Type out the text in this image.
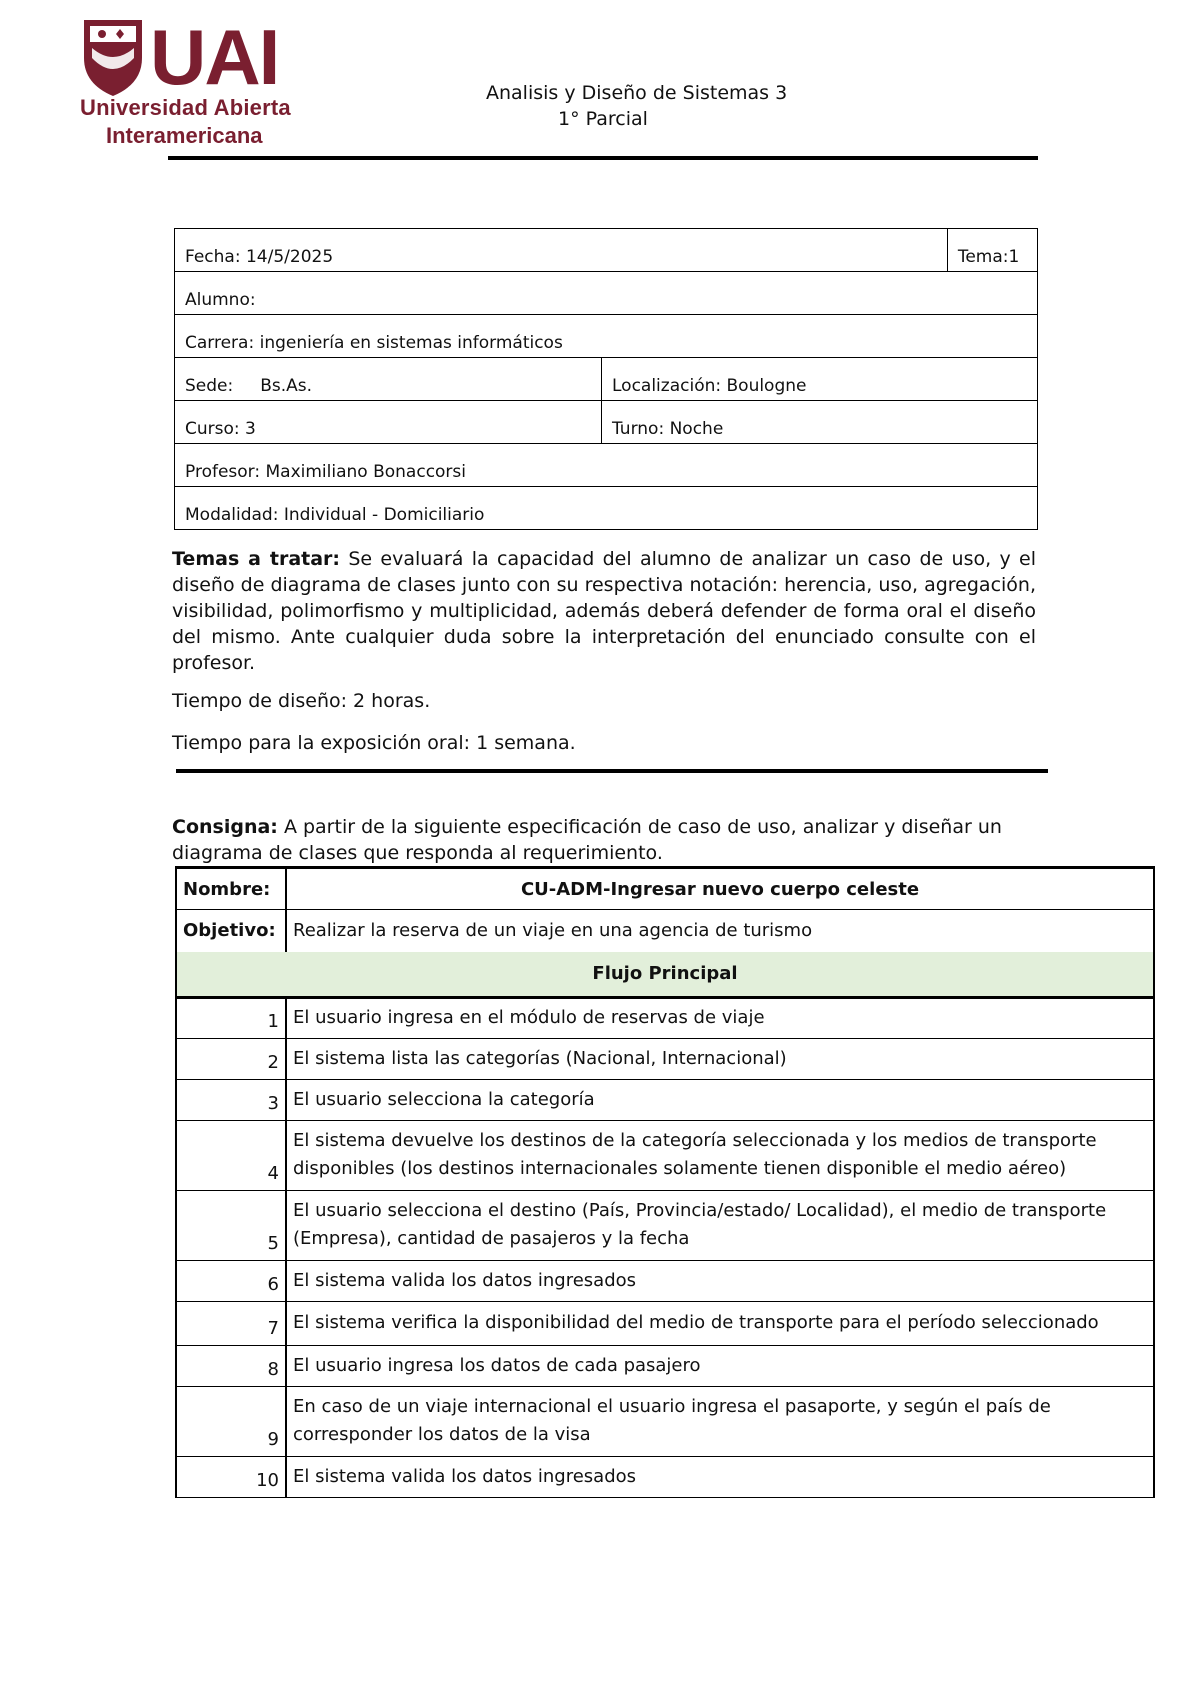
UAI
Universidad Abierta
Interamericana
Analisis y Diseño de Sistemas 3
1° Parcial
Fecha: 14/5/2025		Tema:1
Alumno:		
Carrera: ingeniería en sistemas informáticos		
Sede:     Bs.As.	Localización: Boulogne	
Curso: 3	Turno: Noche	
Profesor: Maximiliano Bonaccorsi		
Modalidad: Individual - Domiciliario		
Temas a tratar: Se evaluará la capacidad del alumno de analizar un caso de uso, y el diseño de diagrama de clases junto con su respectiva notación: herencia, uso, agregación, visibilidad, polimorfismo y multiplicidad, además deberá defender de forma oral el diseño del mismo. Ante cualquier duda sobre la interpretación del enunciado consulte con el profesor.
Tiempo de diseño: 2 horas.
Tiempo para la exposición oral: 1 semana.
Consigna: A partir de la siguiente especificación de caso de uso, analizar y diseñar un diagrama de clases que responda al requerimiento.
Nombre:	CU-ADM-Ingresar nuevo cuerpo celeste
Objetivo:	Realizar la reserva de un viaje en una agencia de turismo
Flujo Principal	
1	El usuario ingresa en el módulo de reservas de viaje
2	El sistema lista las categorías (Nacional, Internacional)
3	El usuario selecciona la categoría
4	El sistema devuelve los destinos de la categoría seleccionada y los medios de transporte disponibles (los destinos internacionales solamente tienen disponible el medio aéreo)
5	El usuario selecciona el destino (País, Provincia/estado/ Localidad), el medio de transporte (Empresa), cantidad de pasajeros y la fecha
6	El sistema valida los datos ingresados
7	El sistema verifica la disponibilidad del medio de transporte para el período seleccionado
8	El usuario ingresa los datos de cada pasajero
9	En caso de un viaje internacional el usuario ingresa el pasaporte, y según el país de corresponder los datos de la visa
10	El sistema valida los datos ingresados
